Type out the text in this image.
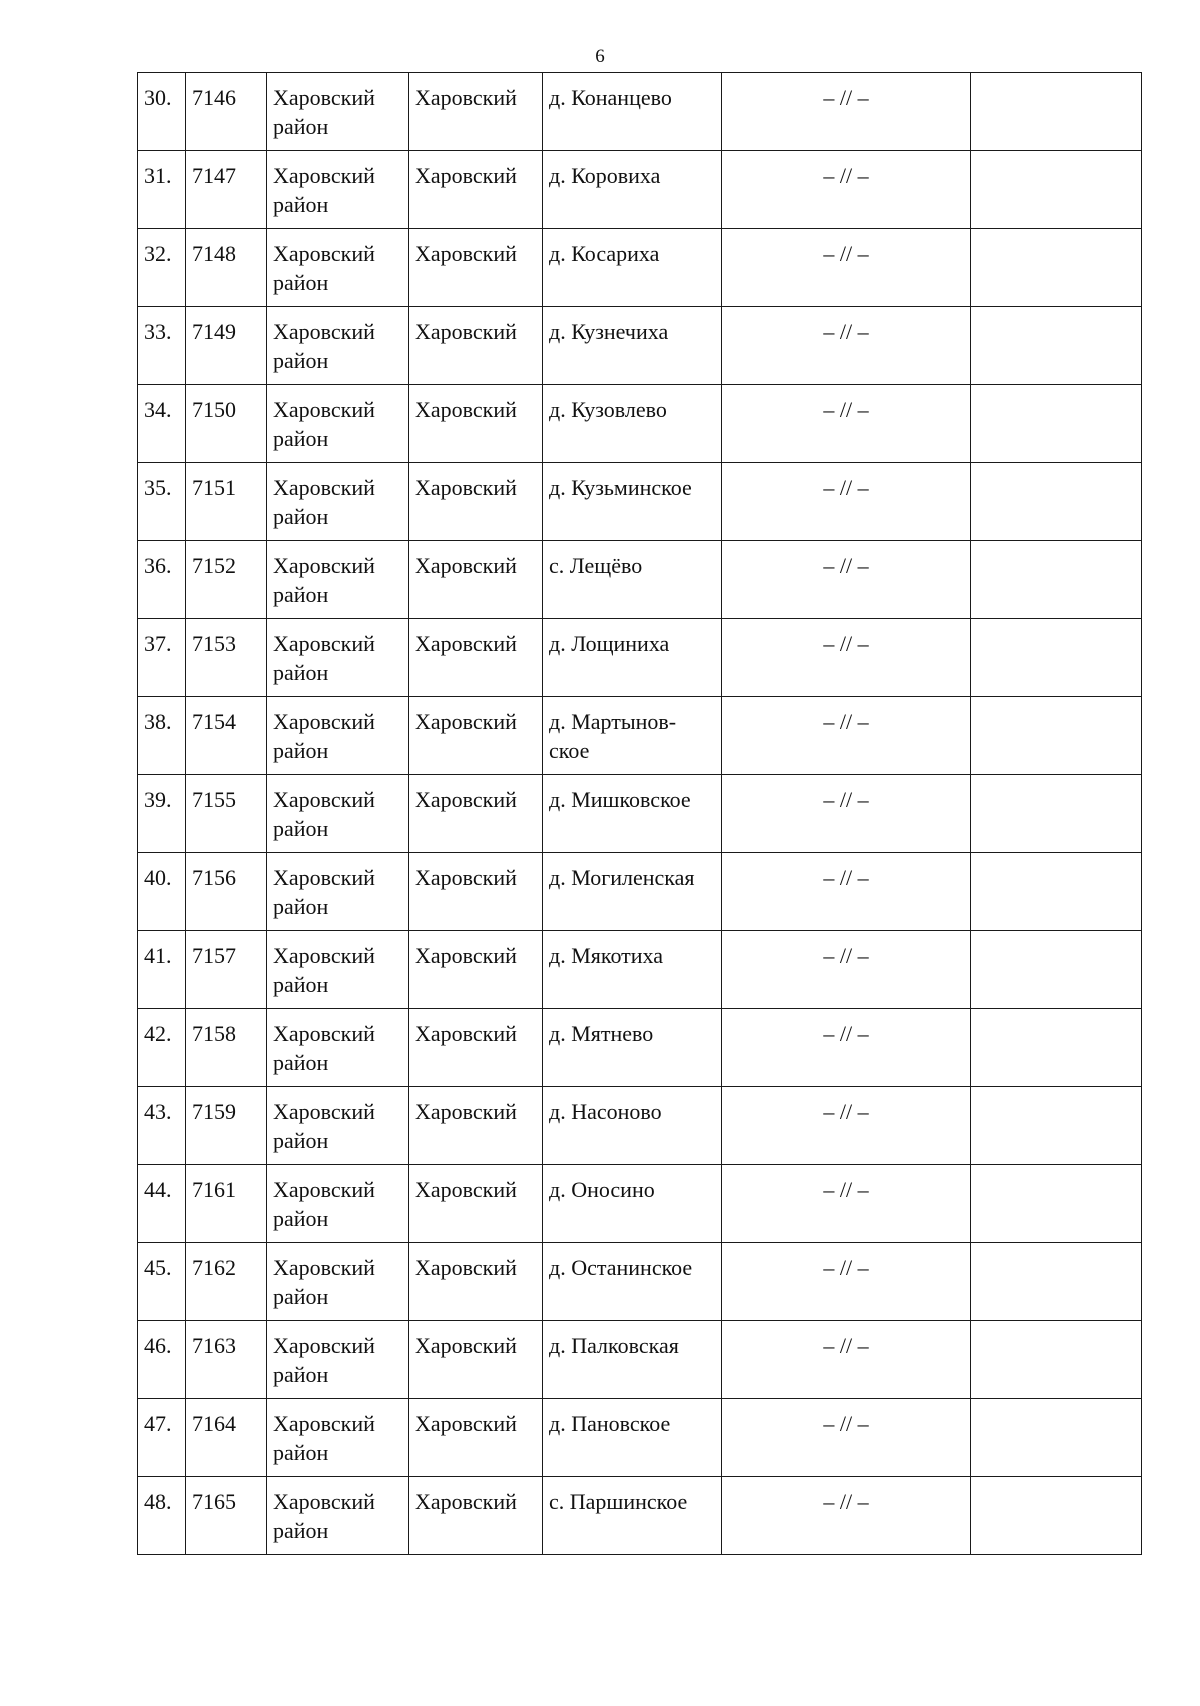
6
30.	7146	Харовский район	Харовский	д. Конанцево	– // –	
31.	7147	Харовский район	Харовский	д. Коровиха	– // –	
32.	7148	Харовский район	Харовский	д. Косариха	– // –	
33.	7149	Харовский район	Харовский	д. Кузнечиха	– // –	
34.	7150	Харовский район	Харовский	д. Кузовлево	– // –	
35.	7151	Харовский район	Харовский	д. Кузьминское	– // –	
36.	7152	Харовский район	Харовский	с. Лещёво	– // –	
37.	7153	Харовский район	Харовский	д. Лощиниха	– // –	
38.	7154	Харовский район	Харовский	д. Мартынов-ское	– // –	
39.	7155	Харовский район	Харовский	д. Мишковское	– // –	
40.	7156	Харовский район	Харовский	д. Могиленская	– // –	
41.	7157	Харовский район	Харовский	д. Мякотиха	– // –	
42.	7158	Харовский район	Харовский	д. Мятнево	– // –	
43.	7159	Харовский район	Харовский	д. Насоново	– // –	
44.	7161	Харовский район	Харовский	д. Оносино	– // –	
45.	7162	Харовский район	Харовский	д. Останинское	– // –	
46.	7163	Харовский район	Харовский	д. Палковская	– // –	
47.	7164	Харовский район	Харовский	д. Пановское	– // –	
48.	7165	Харовский район	Харовский	с. Паршинское	– // –	
